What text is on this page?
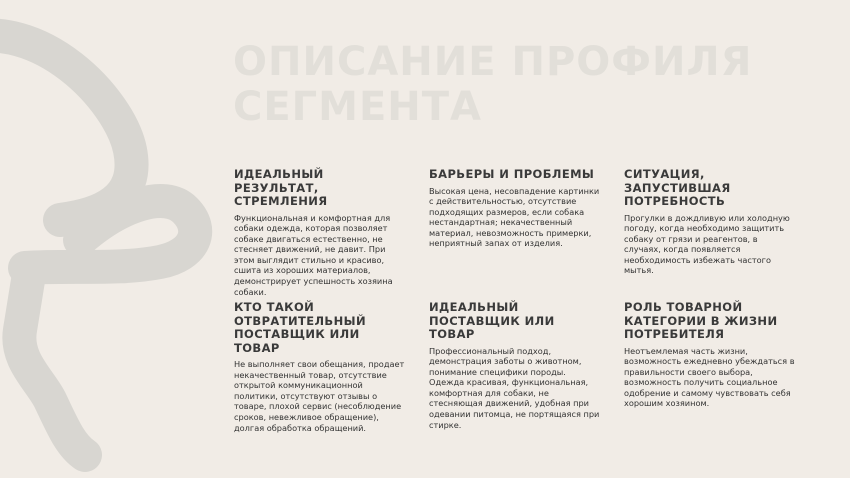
ОПИСАНИЕ ПРОФИЛЯ
СЕГМЕНТА
ИДЕАЛЬНЫЙ РЕЗУЛЬТАТ,
СТРЕМЛЕНИЯ

Функциональная и комфортная для собаки одежда, которая позволяет собаке двигаться естественно, не стесняет движений, не давит. При этом выглядит стильно и красиво, сшита из хороших материалов, демонстрирует успешность хозяина собаки.

БАРЬЕРЫ И ПРОБЛЕМЫ

Высокая цена, несовпадение картинки с действительностью, отсутствие подходящих размеров, если собака нестандартная; некачественный материал, невозможность примерки, неприятный запах от изделия.

СИТУАЦИЯ, ЗАПУСТИВШАЯ
ПОТРЕБНОСТЬ

Прогулки в дождливую или холодную погоду, когда необходимо защитить собаку от грязи и реагентов, в случаях, когда появляется необходимость избежать частого мытья.

КТО ТАКОЙ
ОТВРАТИТЕЛЬНЫЙ
ПОСТАВЩИК ИЛИ ТОВАР

Не выполняет свои обещания, продает некачественный товар, отсутствие открытой коммуникационной политики, отсутствуют отзывы о товаре, плохой сервис (несоблюдение сроков, невежливое обращение), долгая обработка обращений.

ИДЕАЛЬНЫЙ
ПОСТАВЩИК ИЛИ ТОВАР

Профессиональный подход, демонстрация заботы о животном, понимание специфики породы. Одежда красивая, функциональная, комфортная для собаки, не стесняющая движений, удобная при одевании питомца, не портящаяся при стирке.

РОЛЬ ТОВАРНОЙ
КАТЕГОРИИ В ЖИЗНИ
ПОТРЕБИТЕЛЯ

Неотъемлемая часть жизни, возможность ежедневно убеждаться в правильности своего выбора, возможность получить социальное одобрение и самому чувствовать себя хорошим хозяином.
